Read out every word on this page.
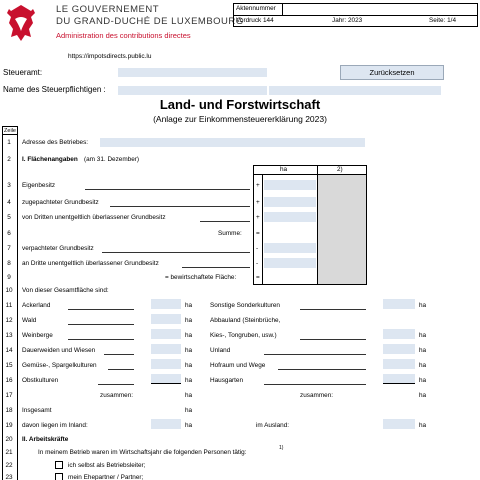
LE GOUVERNEMENT
DU GRAND-DUCHÉ DE LUXEMBOURG
Administration des contributions directes
https://impotsdirects.public.lu
Aktennummer
Vordruck 144	Jahr: 2023	Seite: 1/4
Steueramt:	Zurücksetzen
Name des Steuerpflichtigen :
Land- und Forstwirtschaft
(Anlage zur Einkommensteuererklärung 2023)
Zeile
1	Adresse des Betriebes:
2	I. Flächenangaben (am 31. Dezember)
ha	2)
3	Eigenbesitz	+
4	zugepachteter Grundbesitz	+
5	von Dritten unentgeltlich überlassener Grundbesitz	+
6	Summe: =
7	verpachteter Grundbesitz	-
8	an Dritte unentgeltlich überlassener Grundbesitz	-
9	= bewirtschaftete Fläche:	=
10	Von dieser Gesamtfläche sind:
11	Ackerland	ha	Sonstige Sonderkulturen	ha
12	Wald	ha	Abbauland (Steinbrüche,
13	Weinberge	ha	Kies-, Tongruben, usw.)	ha
14	Dauerweiden und Wiesen	ha	Unland	ha
15	Gemüse-, Spargelkulturen	ha	Hofraum und Wege	ha
16	Obstkulturen	ha	Hausgarten	ha
17	zusammen:	ha	zusammen:	ha
18	Insgesamt	ha
19	davon liegen im Inland:	ha	im Ausland:	ha
20	II. Arbeitskräfte
21	In meinem Betrieb waren im Wirtschaftsjahr die folgenden Personen tätig:
1)
22	ich selbst als Betriebsleiter;
23	mein Ehepartner / Partner;
